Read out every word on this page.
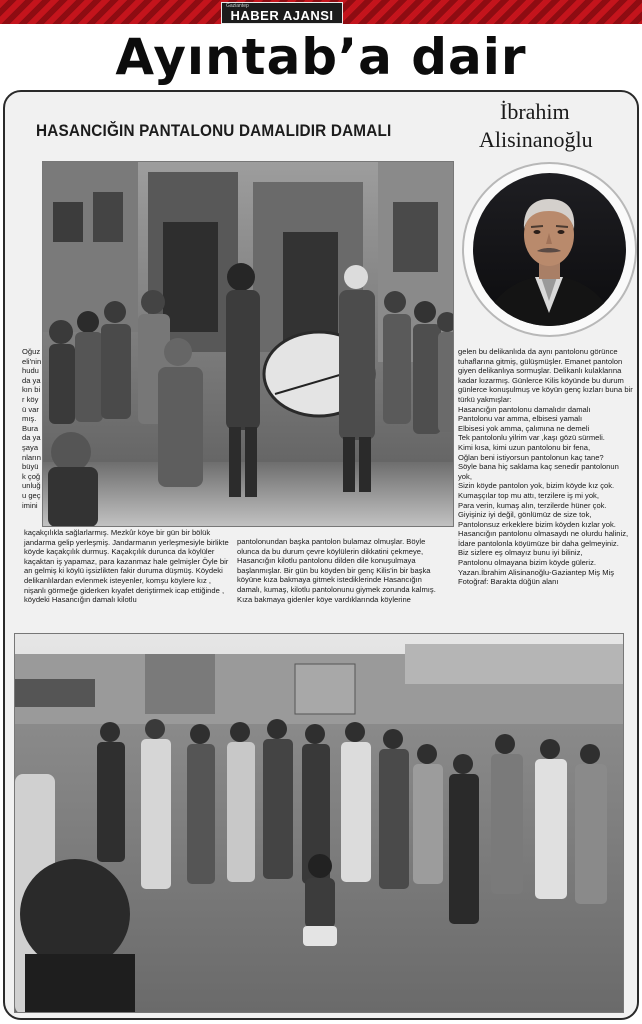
Gaziantep
HABER AJANSI
Ayıntab’a dair
HASANCIĞIN PANTALONU DAMALIDIR DAMALI
İbrahim
Alisinanoğlu
Oğuzeli'nin hududa yakın bir köyü varmış. Burada yaşayanların büyük çoğunluğu geçimini

gelen bu delikanlıda da aynı pantolonu görünce tuhaflarına gitmiş, gülüşmüşler. Emanet pantolon giyen delikanlıya sormuşlar. Delikanlı kulaklarına kadar kızarmış. Günlerce Kilis köyünde bu durum günlerce konuşulmuş ve köyün genç kızları buna bir türkü yakmışlar:

Hasancığın pantolonu damalıdır damalı

Pantolonu var amma, elbisesi yamalı

Elbisesi yok amma, çalımına ne demeli

Tek pantolonlu yilrim var ,kaşı gözü sürmeli.

Kimi kısa, kimi uzun pantolonu bir fena,

Oğlan beni istiyorsun pantolonun kaç tane?

Söyle bana hiç saklama kaç senedir pantolonun yok,

Sizin köyde pantolon yok, bizim köyde kız çok.

Kumaşçılar top mu attı, terzilere iş mi yok,

Para verin, kumaş alın, terzilerde hüner çok.

Giyişiniz iyi değil, gönlümüz de size tok,

Pantolonsuz erkeklere bizim köyden kızlar yok.

Hasancığın pantolonu olmasaydı ne olurdu haliniz,

İdare pantolonla köyümüze bir daha gelmeyiniz.

Biz sizlere eş olmayız bunu iyi biliniz,

Pantolonu olmayana bizim köyde güleriz.

Yazan.İbrahim Alisinanoğlu-Gaziantep Miş Miş

Fotoğraf: Barakta düğün alanı

kaçakçılıkla sağlarlarmış. Mezkûr köye bir gün bir bölük jandarma gelip yerleşmiş. Jandarmanın yerleşmesiyle birlikte köyde kaçakçılık durmuş. Kaçakçılık durunca da köylüler kaçaktan iş yapamaz, para kazanmaz hale gelmişler Öyle bir an gelmiş ki köylü işsizlikten fakir duruma düşmüş. Köydeki delikanlılardan evlenmek isteyenler, komşu köylere kız , nişanlı görmeğe giderken kıyafet deriştirmek icap ettiğinde , köydeki Hasancığın damalı kilotlu
pantolonundan başka pantolon bulamaz olmuşlar. Böyle olunca da bu durum çevre köylülerin dikkatini çekmeye, Hasancığın kilotlu pantolonu dilden dile konuşulmaya başlanmışlar. Bir gün bu köyden bir genç Kilis'in bir başka köyüne kıza bakmaya gitmek istediklerinde Hasancığın damalı, kumaş, kilotlu pantolonunu giymek zorunda kalmış. Kıza bakmaya gidenler köye vardıklarında köylerine
